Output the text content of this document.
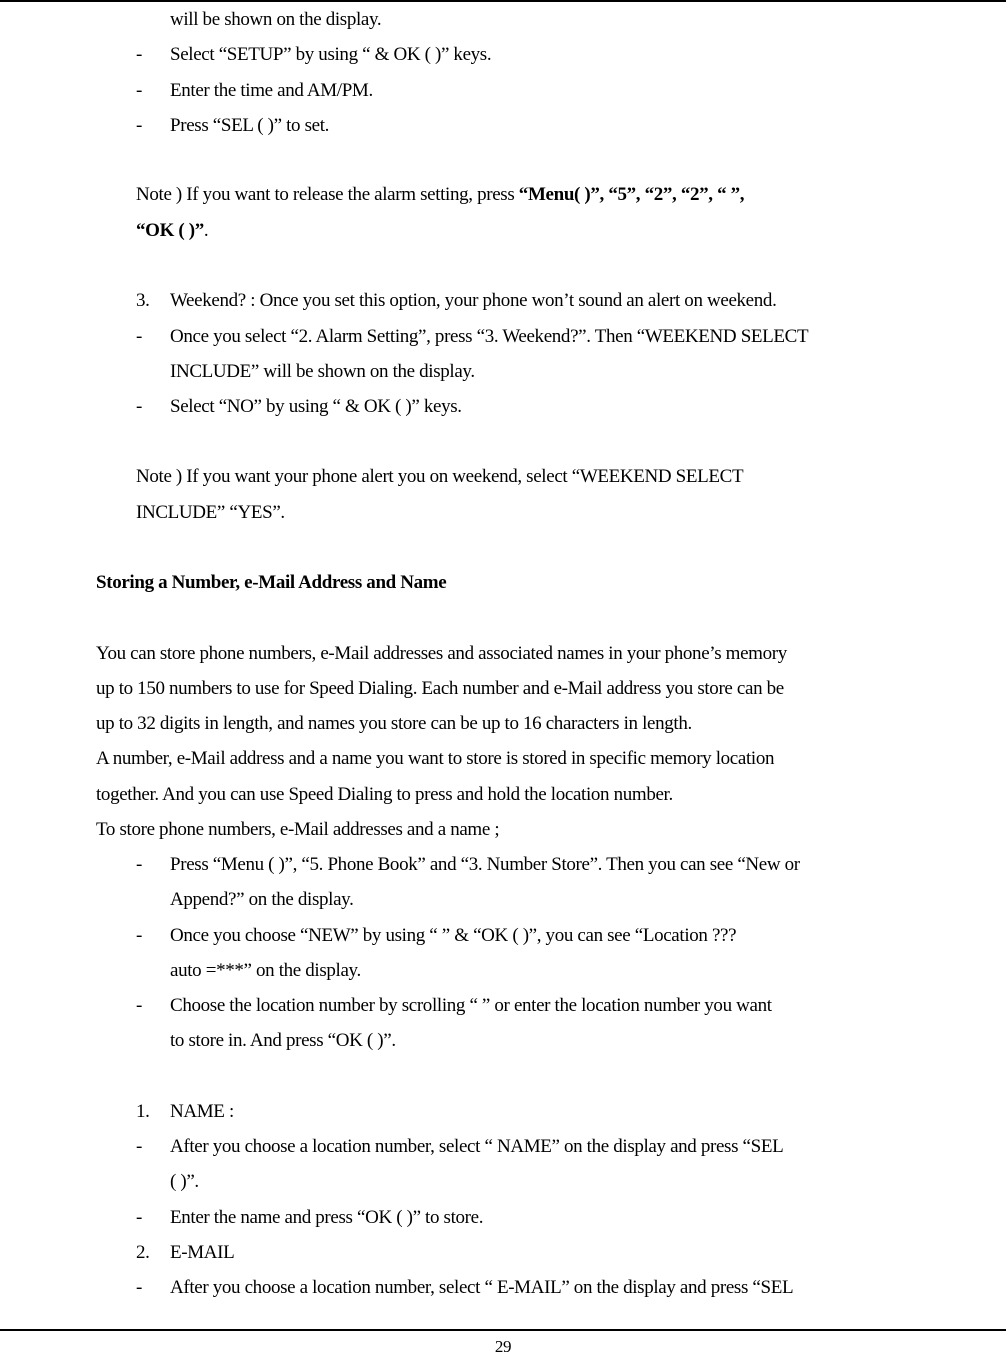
will be shown on the display.
- Select “SETUP” by using “ & OK ( )” keys.
- Enter the time and AM/PM.
- Press “SEL ( )” to set.
Note ) If you want to release the alarm setting, press “Menu( )”, “5”, “2”, “2”, “ ”,
“OK ( )”.
3. Weekend? : Once you set this option, your phone won’t sound an alert on weekend.
- Once you select “2. Alarm Setting”, press “3. Weekend?”. Then “WEEKEND SELECT
INCLUDE” will be shown on the display.
- Select “NO” by using “ & OK ( )” keys.
Note ) If you want your phone alert you on weekend, select “WEEKEND SELECT
INCLUDE” “YES”.
Storing a Number, e-Mail Address and Name
You can store phone numbers, e-Mail addresses and associated names in your phone’s memory
up to 150 numbers to use for Speed Dialing. Each number and e-Mail address you store can be
up to 32 digits in length, and names you store can be up to 16 characters in length.
A number, e-Mail address and a name you want to store is stored in specific memory location
together. And you can use Speed Dialing to press and hold the location number.
To store phone numbers, e-Mail addresses and a name ;
- Press “Menu ( )”, “5. Phone Book” and “3. Number Store”. Then you can see “New or
Append?” on the display.
- Once you choose “NEW” by using “ ” & “OK ( )”, you can see “Location ???
auto =***” on the display.
- Choose the location number by scrolling “ ” or enter the location number you want
to store in. And press “OK ( )”.
1. NAME :
- After you choose a location number, select “ NAME” on the display and press “SEL
( )”.
- Enter the name and press “OK ( )” to store.
2. E-MAIL
- After you choose a location number, select “ E-MAIL” on the display and press “SEL
29
